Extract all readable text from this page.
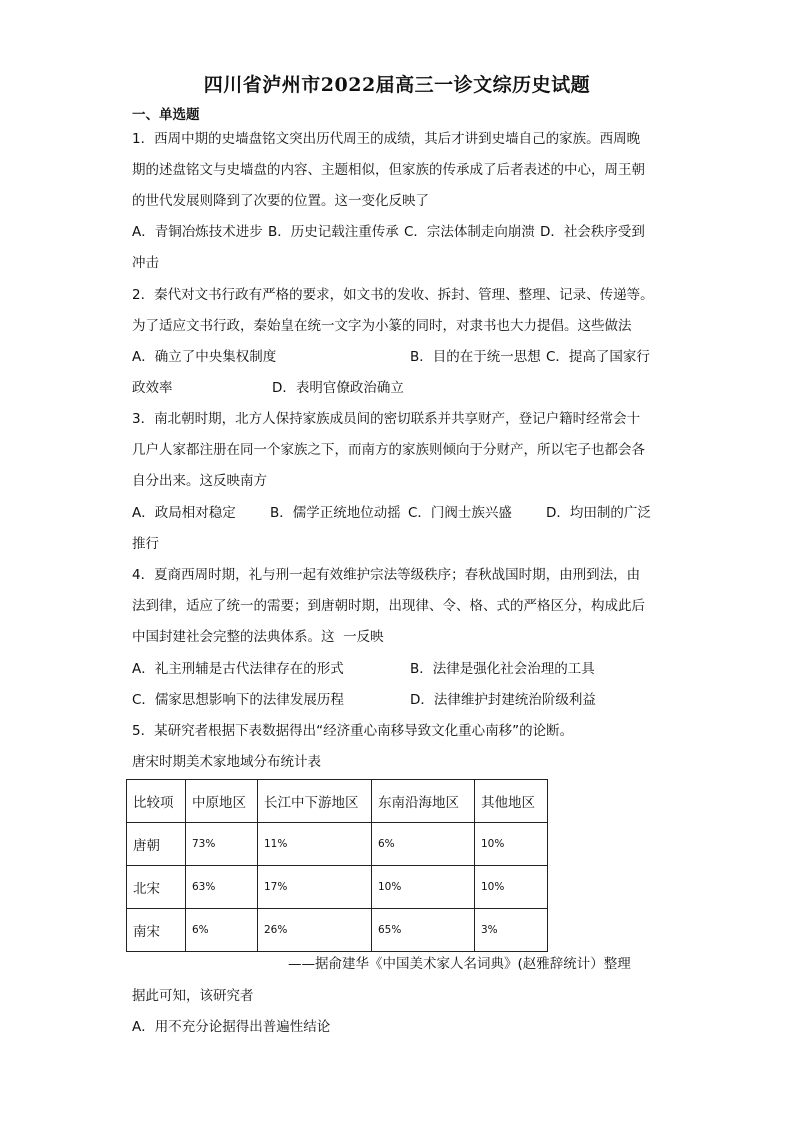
四川省泸州市2022届高三一诊文综历史试题
一、单选题
1．西周中期的史墙盘铭文突出历代周王的成绩，其后才讲到史墙自己的家族。西周晚
期的述盘铭文与史墙盘的内容、主题相似，但家族的传承成了后者表述的中心，周王朝
的世代发展则降到了次要的位置。这一变化反映了
A．青铜冶炼技术进步 B．历史记载注重传承 C．宗法体制走向崩溃 D．社会秩序受到
冲击
2．秦代对文书行政有严格的要求，如文书的发收、拆封、管理、整理、记录、传递等。
为了适应文书行政，秦始皇在统一文字为小篆的同时，对隶书也大力提倡。这些做法
A．确立了中央集权制度	B．目的在于统一思想 C．提高了国家行
政效率	D．表明官僚政治确立
3．南北朝时期，北方人保持家族成员间的密切联系并共享财产，登记户籍时经常会十
几户人家都注册在同一个家族之下，而南方的家族则倾向于分财产，所以宅子也都会各
自分出来。这反映南方
A．政局相对稳定	B．儒学正统地位动摇 C．门阀士族兴盛	D．均田制的广泛
推行
4．夏商西周时期，礼与刑一起有效维护宗法等级秩序；春秋战国时期，由刑到法，由
法到律，适应了统一的需要；到唐朝时期，出现律、令、格、式的严格区分，构成此后
中国封建社会完整的法典体系。这  一反映
A．礼主刑辅是古代法律存在的形式	B．法律是强化社会治理的工具
C．儒家思想影响下的法律发展历程	D．法律维护封建统治阶级利益
5．某研究者根据下表数据得出“经济重心南移导致文化重心南移”的论断。
唐宋时期美术家地域分布统计表
比较项	中原地区	长江中下游地区	东南沿海地区	其他地区
唐朝	73%	11%	6%	10%
北宋	63%	17%	10%	10%
南宋	6%	26%	65%	3%
——据俞建华《中国美术家人名词典》(赵雅辞统计）整理
据此可知，该研究者
A．用不充分论据得出普遍性结论
